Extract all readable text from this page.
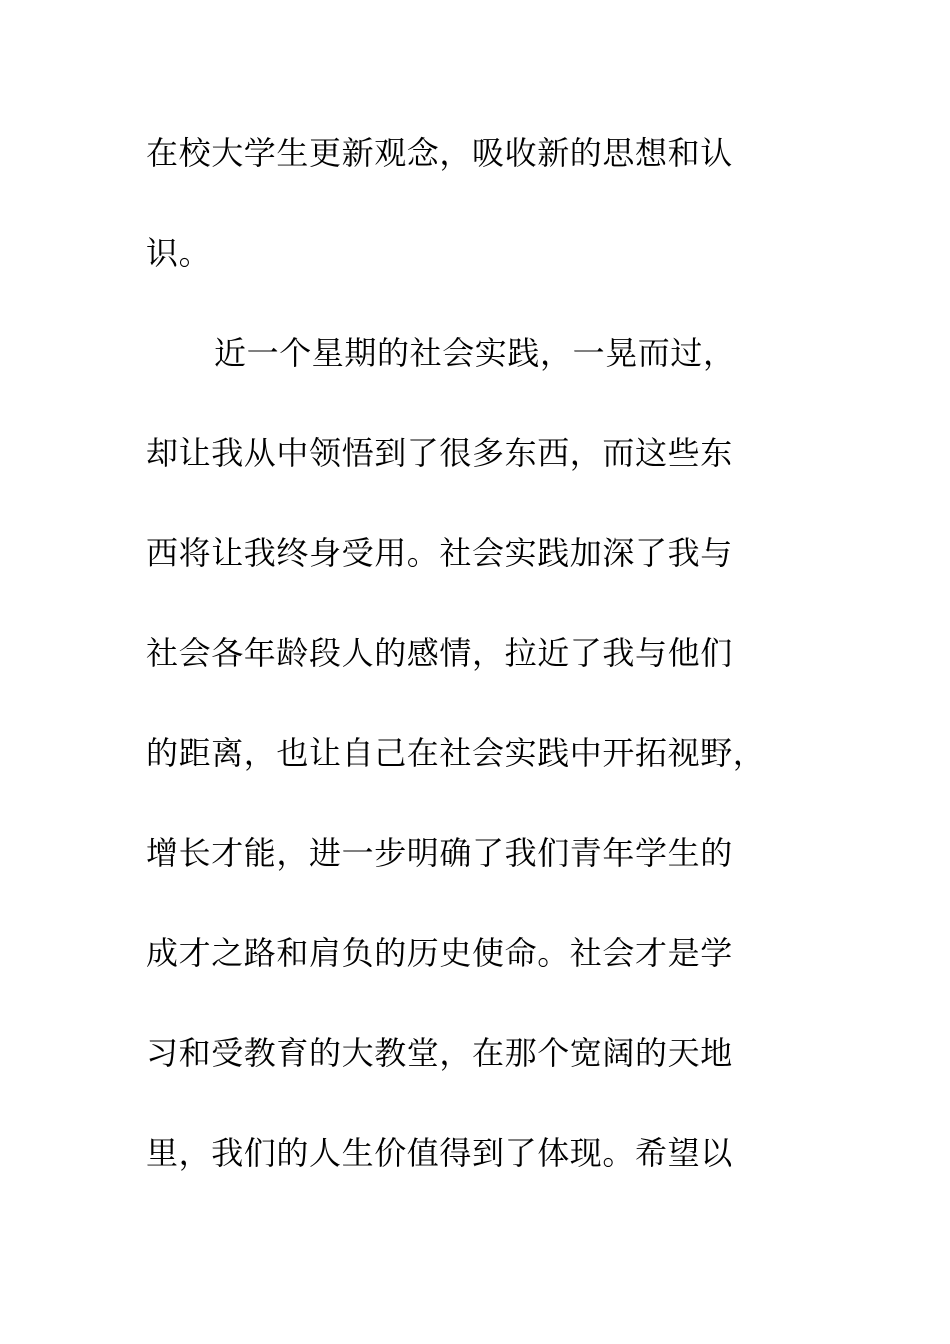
在校大学生更新观念，吸收新的思想和认
识。
近一个星期的社会实践，一晃而过，
却让我从中领悟到了很多东西，而这些东
西将让我终身受用。社会实践加深了我与
社会各年龄段人的感情，拉近了我与他们
的距离，也让自己在社会实践中开拓视野，
增长才能，进一步明确了我们青年学生的
成才之路和肩负的历史使命。社会才是学
习和受教育的大教堂，在那个宽阔的天地
里，我们的人生价值得到了体现。希望以
